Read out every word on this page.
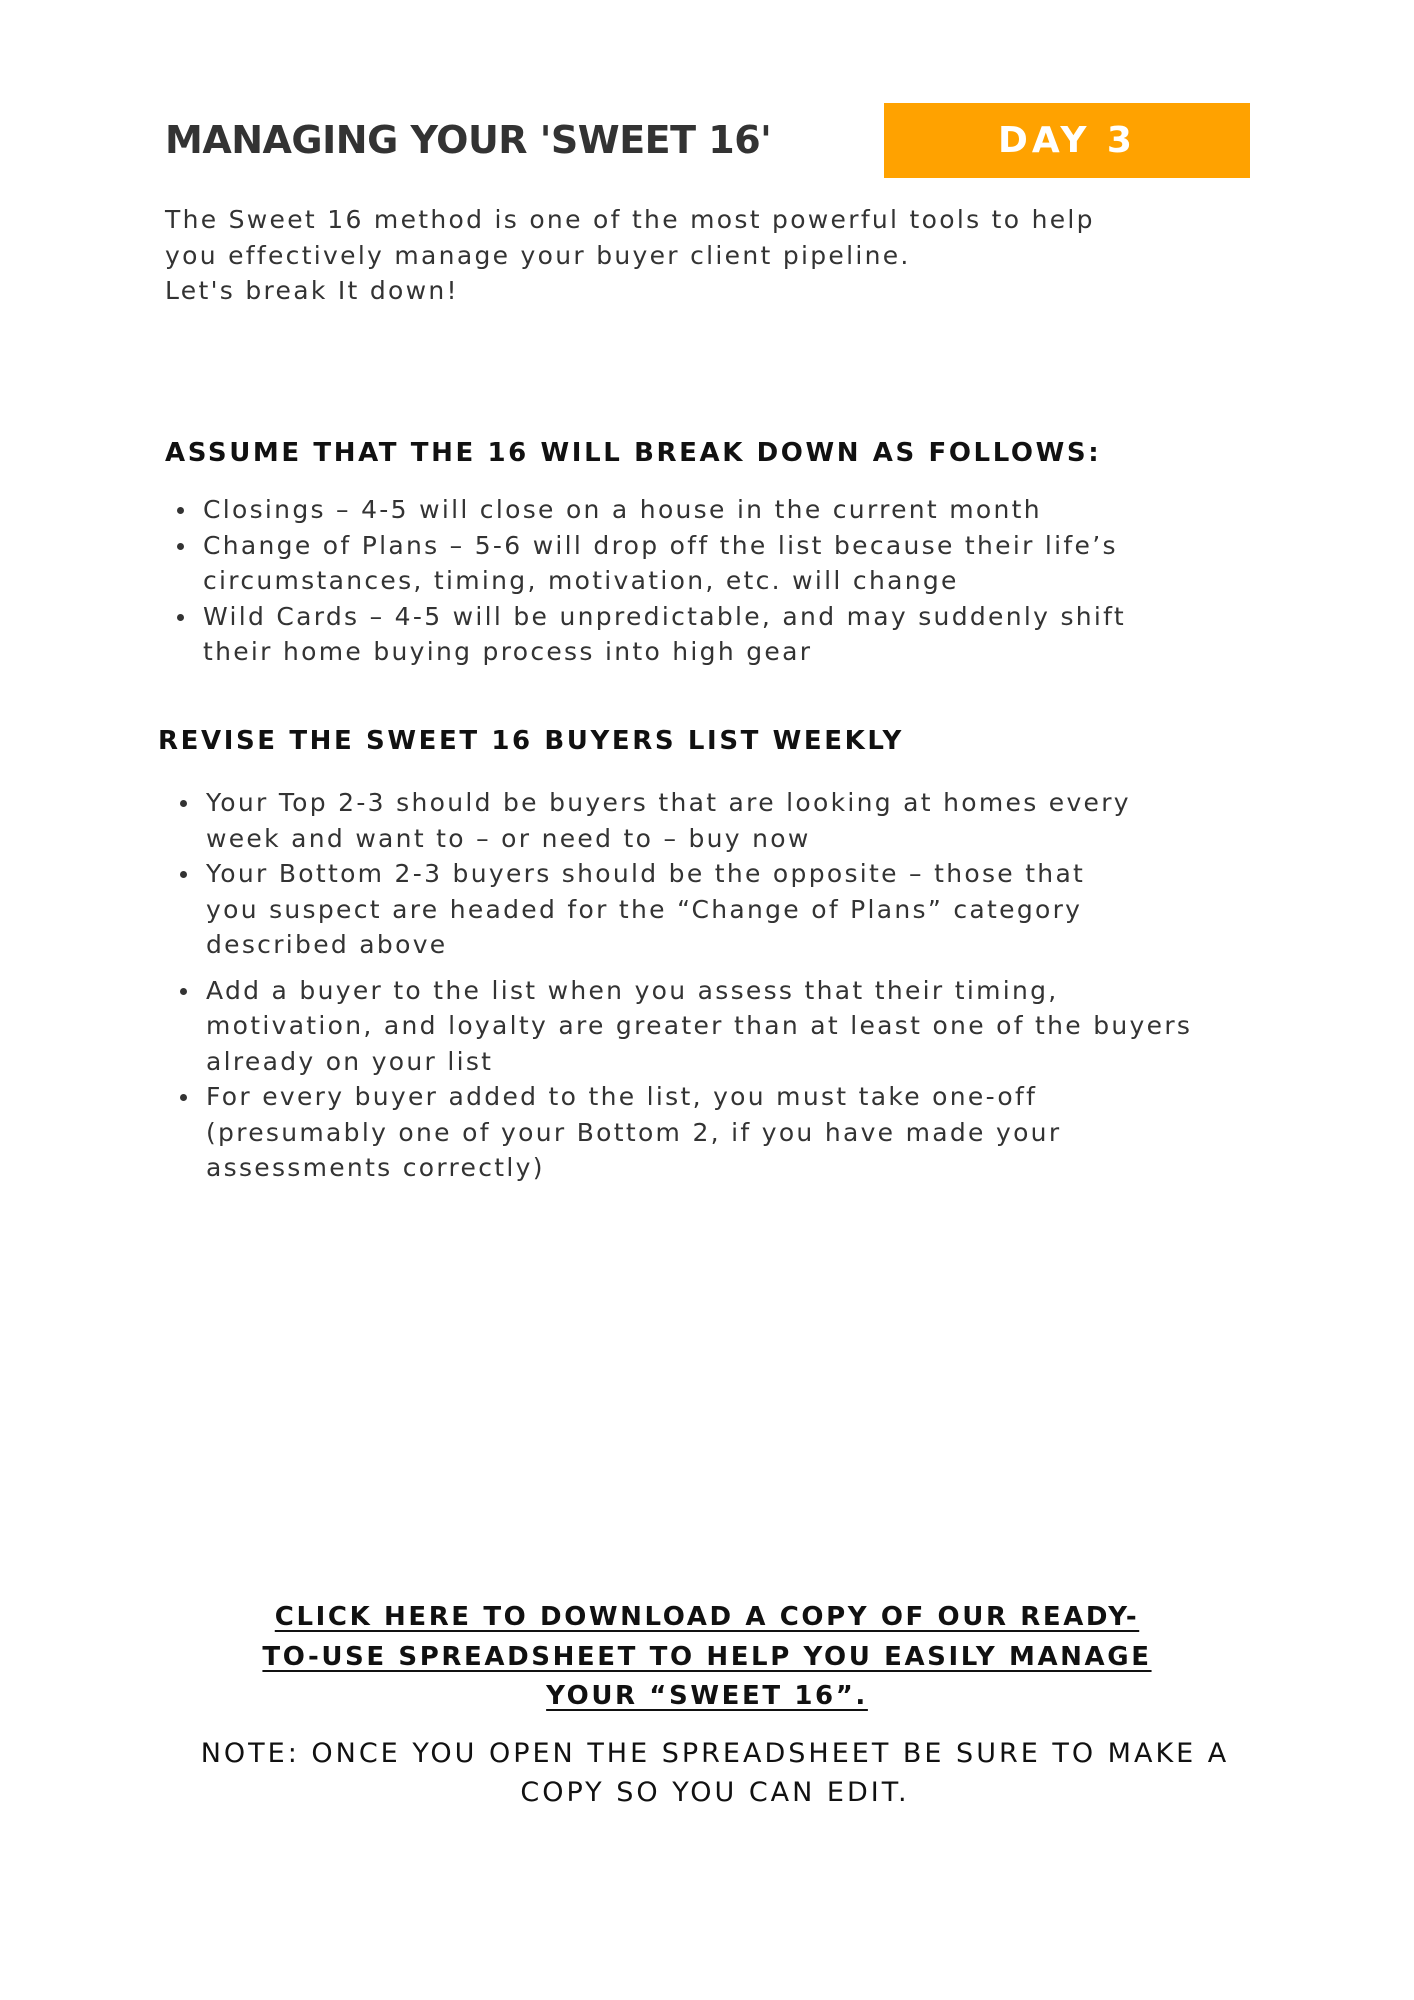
MANAGING YOUR 'SWEET 16'	DAY 3

The Sweet 16 method is one of the most powerful tools to help

you effectively manage your buyer client pipeline.

Let's break It down!

ASSUME THAT THE 16 WILL BREAK DOWN AS FOLLOWS:
Closings – 4-5 will close on a house in the current month
Change of Plans – 5-6 will drop off the list because their life’s
circumstances, timing, motivation, etc. will change
Wild Cards – 4-5 will be unpredictable, and may suddenly shift
their home buying process into high gear
REVISE THE SWEET 16 BUYERS LIST WEEKLY
Your Top 2-3 should be buyers that are looking at homes every
week and want to – or need to – buy now
Your Bottom 2-3 buyers should be the opposite – those that
you suspect are headed for the “Change of Plans” category
described above
Add a buyer to the list when you assess that their timing,
motivation, and loyalty are greater than at least one of the buyers
already on your list
For every buyer added to the list, you must take one-off
(presumably one of your Bottom 2, if you have made your
assessments correctly)
CLICK HERE TO DOWNLOAD A COPY OF OUR READY-
TO-USE SPREADSHEET TO HELP YOU EASILY MANAGE
YOUR “SWEET 16”.
NOTE: ONCE YOU OPEN THE SPREADSHEET BE SURE TO MAKE A
COPY SO YOU CAN EDIT.
